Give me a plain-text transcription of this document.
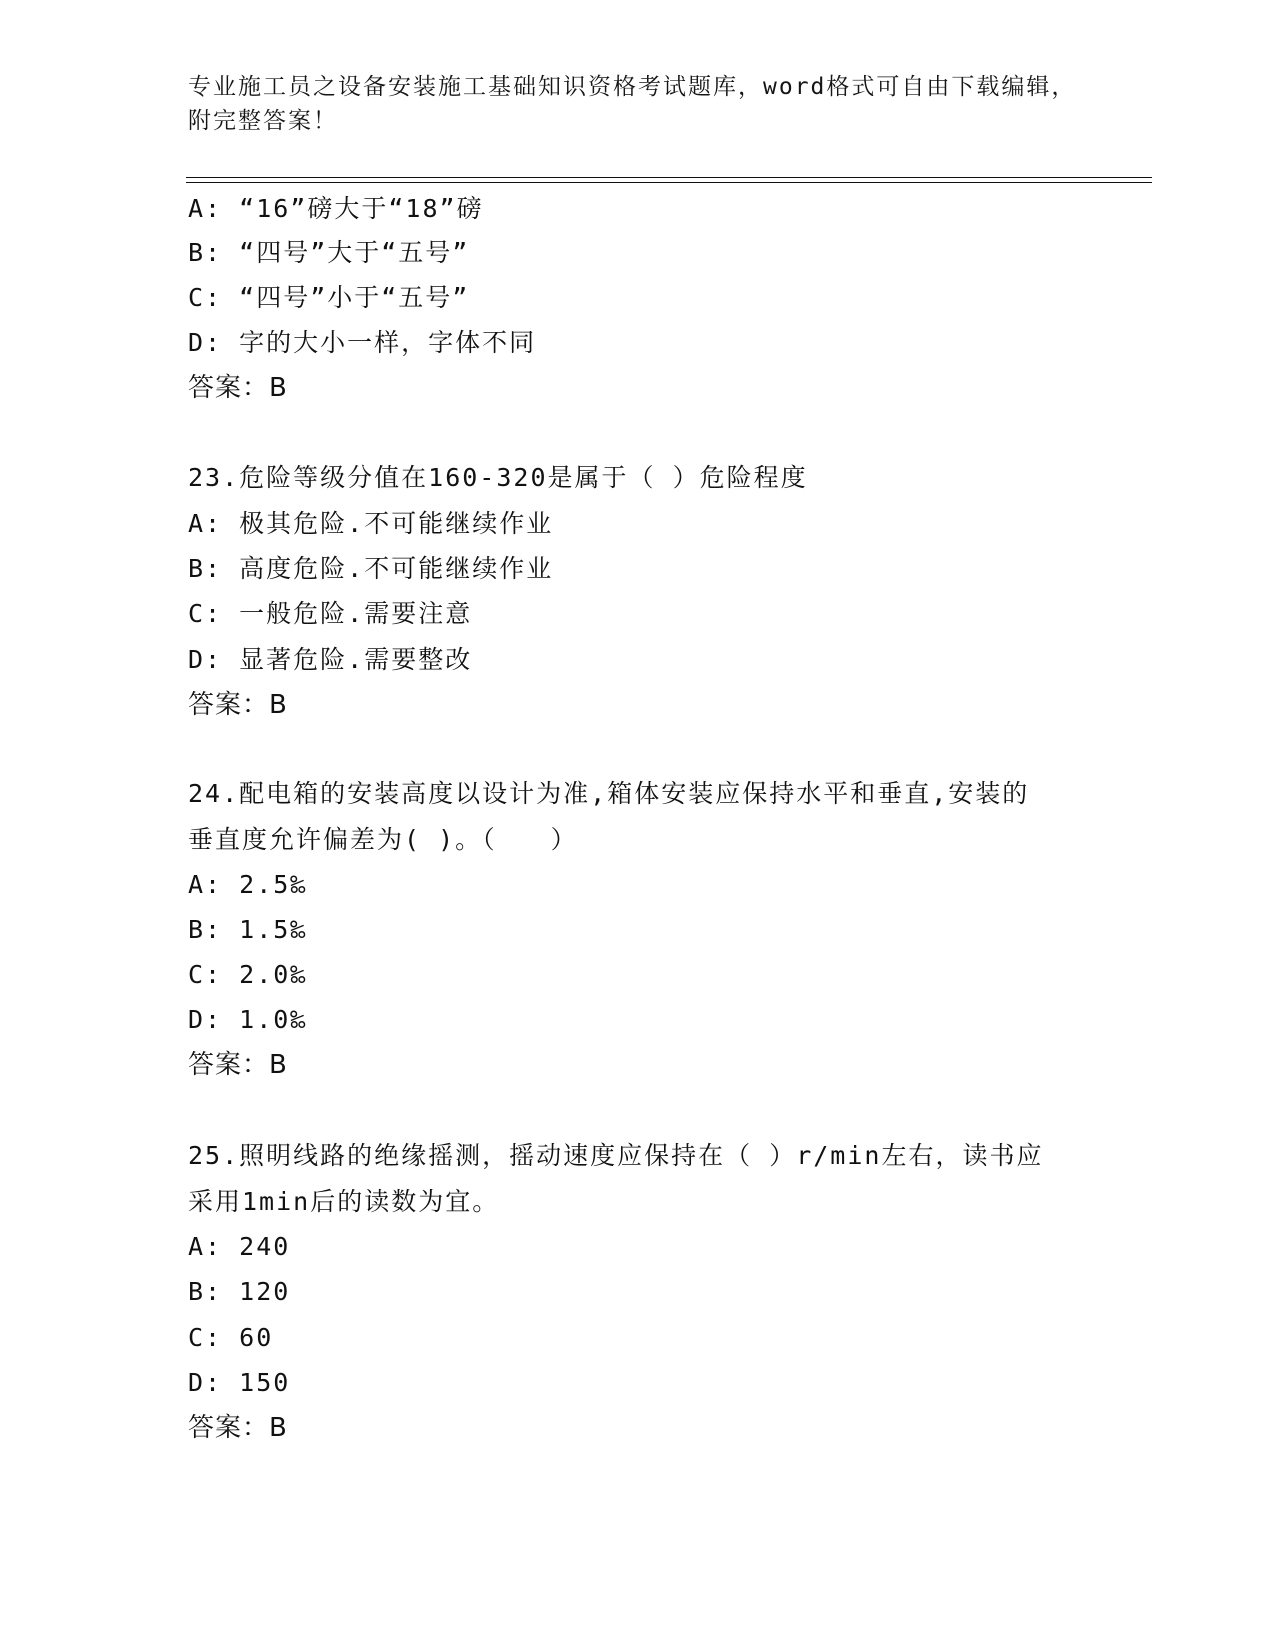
专业施工员之设备安装施工基础知识资格考试题库，word格式可自由下载编辑，
附完整答案！
A: “16”磅大于“18”磅
B: “四号”大于“五号”
C: “四号”小于“五号”
D: 字的大小一样，字体不同
答案：B
23.危险等级分值在160-320是属于（ ）危险程度
A: 极其危险.不可能继续作业
B: 高度危险.不可能继续作业
C: 一般危险.需要注意
D: 显著危险.需要整改
答案：B
24.配电箱的安装高度以设计为准,箱体安装应保持水平和垂直,安装的
垂直度允许偏差为( )。（　　）
A: 2.5‰
B: 1.5‰
C: 2.0‰
D: 1.0‰
答案：B
25.照明线路的绝缘摇测，摇动速度应保持在（ ）r/min左右，读书应
采用1min后的读数为宜。
A: 240
B: 120
C: 60
D: 150
答案：B
